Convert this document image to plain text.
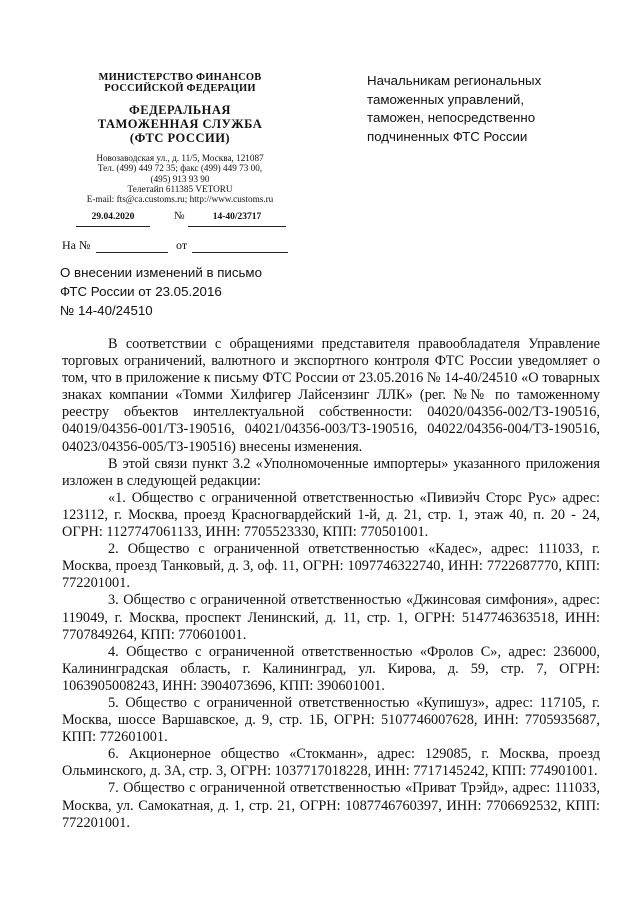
МИНИСТЕРСТВО ФИНАНСОВ
РОССИЙСКОЙ ФЕДЕРАЦИИ
ФЕДЕРАЛЬНАЯ
ТАМОЖЕННАЯ СЛУЖБА
(ФТС РОССИИ)
Новозаводская ул., д. 11/5, Москва, 121087
Тел. (499) 449 72 35; факс (499) 449 73 00,
(495) 913 93 90
Телетайп 611385 VETORU
E-mail: fts@ca.customs.ru; http://www.customs.ru
29.04.2020	№	14-40/23717
На №	от
Начальникам региональных
таможенных управлений,
таможен, непосредственно
подчиненных ФТС России
О внесении изменений в письмо
ФТС России от 23.05.2016
№ 14-40/24510

В соответствии с обращениями представителя правообладателя Управление торговых ограничений, валютного и экспортного контроля ФТС России уведомляет о том, что в приложение к письму ФТС России от 23.05.2016 № 14-40/24510 «О товарных знаках компании «Томми Хилфигер Лайсензинг ЛЛК» (рег. №№ по таможенному реестру объектов интеллектуальной собственности: 04020/04356-002/ТЗ-190516, 04019/04356-001/ТЗ-190516, 04021/04356-003/ТЗ-190516, 04022/04356-004/ТЗ-190516, 04023/04356-005/ТЗ-190516) внесены изменения.

В этой связи пункт 3.2 «Уполномоченные импортеры» указанного приложения изложен в следующей редакции:

«1. Общество с ограниченной ответственностью «Пивиэйч Сторс Рус» адрес: 123112, г. Москва, проезд Красногвардейский 1-й, д. 21, стр. 1, этаж 40, п. 20 - 24, ОГРН: 1127747061133, ИНН: 7705523330, КПП: 770501001.

2. Общество с ограниченной ответственностью «Кадес», адрес: 111033, г. Москва, проезд Танковый, д. 3, оф. 11, ОГРН: 1097746322740, ИНН: 7722687770, КПП: 772201001.

3. Общество с ограниченной ответственностью «Джинсовая симфония», адрес: 119049, г. Москва, проспект Ленинский, д. 11, стр. 1, ОГРН: 5147746363518, ИНН: 7707849264, КПП: 770601001.

4. Общество с ограниченной ответственностью «Фролов С», адрес: 236000, Калининградская область, г. Калининград, ул. Кирова, д. 59, стр. 7, ОГРН: 1063905008243, ИНН: 3904073696, КПП: 390601001.

5. Общество с ограниченной ответственностью «Купишуз», адрес: 117105, г. Москва, шоссе Варшавское, д. 9, стр. 1Б, ОГРН: 5107746007628, ИНН: 7705935687, КПП: 772601001.

6. Акционерное общество «Стокманн», адрес: 129085, г. Москва, проезд Ольминского, д. 3А, стр. 3, ОГРН: 1037717018228, ИНН: 7717145242, КПП: 774901001.

7. Общество с ограниченной ответственностью «Приват Трэйд», адрес: 111033, Москва, ул. Самокатная, д. 1, стр. 21, ОГРН: 1087746760397, ИНН: 7706692532, КПП: 772201001.
